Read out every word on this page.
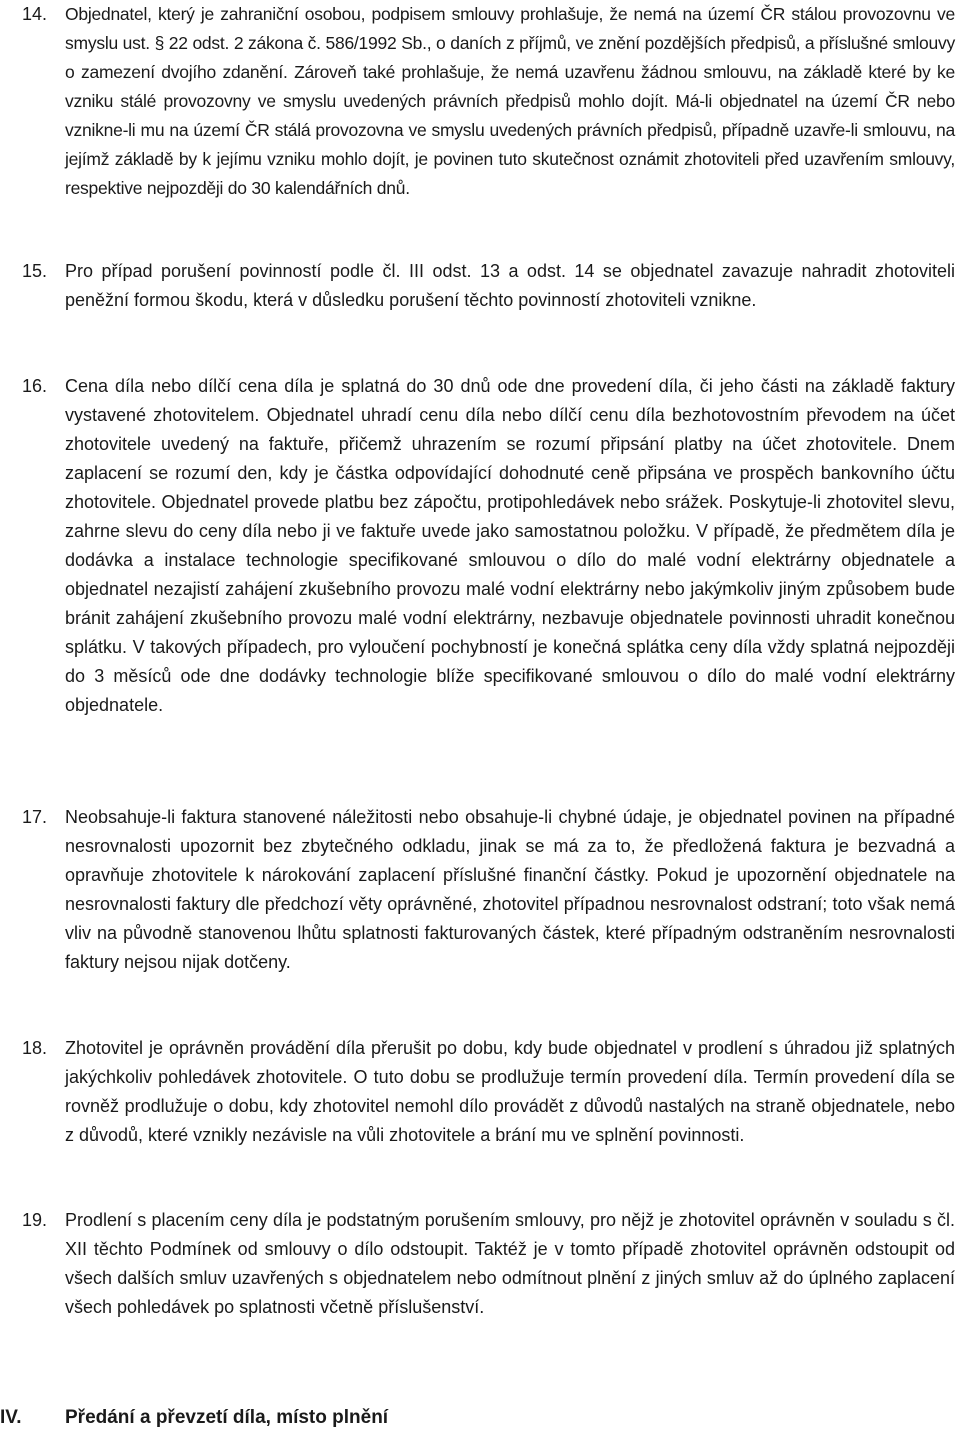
14. Objednatel, který je zahraniční osobou, podpisem smlouvy prohlašuje, že nemá na území ČR stálou provozovnu ve smyslu ust. § 22 odst. 2 zákona č. 586/1992 Sb., o daních z příjmů, ve znění pozdějších předpisů, a příslušné smlouvy o zamezení dvojího zdanění. Zároveň také prohlašuje, že nemá uzavřenu žádnou smlouvu, na základě které by ke vzniku stálé provozovny ve smyslu uvedených právních předpisů mohlo dojít. Má-li objednatel na území ČR nebo vznikne-li mu na území ČR stálá provozovna ve smyslu uvedených právních předpisů, případně uzavře-li smlouvu, na jejímž základě by k jejímu vzniku mohlo dojít, je povinen tuto skutečnost oznámit zhotoviteli před uzavřením smlouvy, respektive nejpozději do 30 kalendářních dnů.
15. Pro případ porušení povinností podle čl. III odst. 13 a odst. 14 se objednatel zavazuje nahradit zhotoviteli peněžní formou škodu, která v důsledku porušení těchto povinností zhotoviteli vznikne.
16. Cena díla nebo dílčí cena díla je splatná do 30 dnů ode dne provedení díla, či jeho části na základě faktury vystavené zhotovitelem. Objednatel uhradí cenu díla nebo dílčí cenu díla bezhotovostním převodem na účet zhotovitele uvedený na faktuře, přičemž uhrazením se rozumí připsání platby na účet zhotovitele. Dnem zaplacení se rozumí den, kdy je částka odpovídající dohodnuté ceně připsána ve prospěch bankovního účtu zhotovitele. Objednatel provede platbu bez zápočtu, protipohledávek nebo srážek. Poskytuje-li zhotovitel slevu, zahrne slevu do ceny díla nebo ji ve faktuře uvede jako samostatnou položku. V případě, že předmětem díla je dodávka a instalace technologie specifikované smlouvou o dílo do malé vodní elektrárny objednatele a objednatel nezajistí zahájení zkušebního provozu malé vodní elektrárny nebo jakýmkoliv jiným způsobem bude bránit zahájení zkušebního provozu malé vodní elektrárny, nezbavuje objednatele povinnosti uhradit konečnou splátku. V takových případech, pro vyloučení pochybností je konečná splátka ceny díla vždy splatná nejpozději do 3 měsíců ode dne dodávky technologie blíže specifikované smlouvou o dílo do malé vodní elektrárny objednatele.
17. Neobsahuje-li faktura stanovené náležitosti nebo obsahuje-li chybné údaje, je objednatel povinen na případné nesrovnalosti upozornit bez zbytečného odkladu, jinak se má za to, že předložená faktura je bezvadná a opravňuje zhotovitele k nárokování zaplacení příslušné finanční částky. Pokud je upozornění objednatele na nesrovnalosti faktury dle předchozí věty oprávněné, zhotovitel případnou nesrovnalost odstraní; toto však nemá vliv na původně stanovenou lhůtu splatnosti fakturovaných částek, které případným odstraněním nesrovnalosti faktury nejsou nijak dotčeny.
18. Zhotovitel je oprávněn provádění díla přerušit po dobu, kdy bude objednatel v prodlení s úhradou již splatných jakýchkoliv pohledávek zhotovitele. O tuto dobu se prodlužuje termín provedení díla. Termín provedení díla se rovněž prodlužuje o dobu, kdy zhotovitel nemohl dílo provádět z důvodů nastalých na straně objednatele, nebo z důvodů, které vznikly nezávisle na vůli zhotovitele a brání mu ve splnění povinnosti.
19. Prodlení s placením ceny díla je podstatným porušením smlouvy, pro nějž je zhotovitel oprávněn v souladu s čl. XII těchto Podmínek od smlouvy o dílo odstoupit. Taktéž je v tomto případě zhotovitel oprávněn odstoupit od všech dalších smluv uzavřených s objednatelem nebo odmítnout plnění z jiných smluv až do úplného zaplacení všech pohledávek po splatnosti včetně příslušenství.
IV. Předání a převzetí díla, místo plnění
